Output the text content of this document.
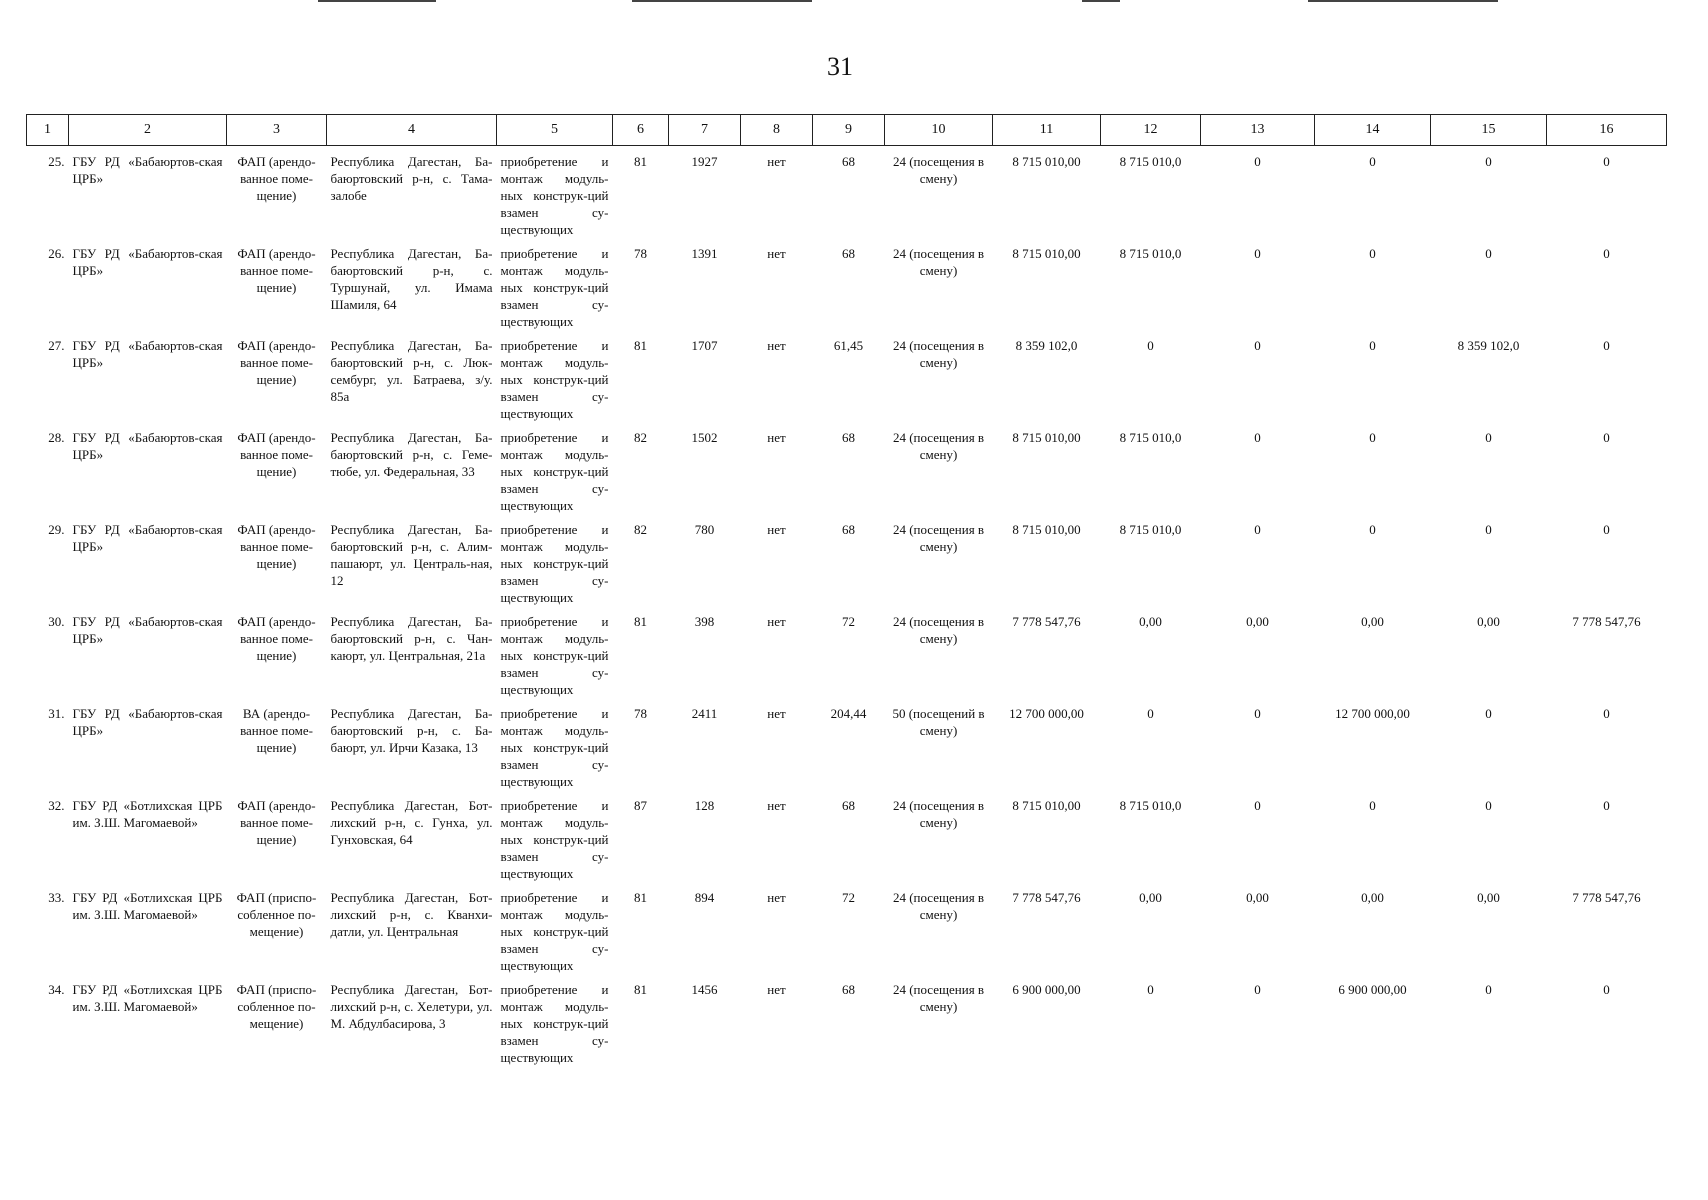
31
1	2	3	4	5	6	7	8	9	10	11	12	13	14	15	16
25.	ГБУ РД «Бабаюртов-ская ЦРБ»	ФАП (арендо-ванное поме-щение)	Республика Дагестан, Ба-баюртовский р-н, с. Тама-залобе	приобретение и монтаж модуль-ных конструк-ций взамен су-ществующих	81	1927	нет	68	24 (посещения в смену)	8 715 010,00	8 715 010,0	0	0	0	0
26.	ГБУ РД «Бабаюртов-ская ЦРБ»	ФАП (арендо-ванное поме-щение)	Республика Дагестан, Ба-баюртовский р-н, с. Туршунай, ул. Имама Шамиля, 64	приобретение и монтаж модуль-ных конструк-ций взамен су-ществующих	78	1391	нет	68	24 (посещения в смену)	8 715 010,00	8 715 010,0	0	0	0	0
27.	ГБУ РД «Бабаюртов-ская ЦРБ»	ФАП (арендо-ванное поме-щение)	Республика Дагестан, Ба-баюртовский р-н, с. Люк-сембург, ул. Батраева, з/у. 85а	приобретение и монтаж модуль-ных конструк-ций взамен су-ществующих	81	1707	нет	61,45	24 (посещения в смену)	8 359 102,0	0	0	0	8 359 102,0	0
28.	ГБУ РД «Бабаюртов-ская ЦРБ»	ФАП (арендо-ванное поме-щение)	Республика Дагестан, Ба-баюртовский р-н, с. Геме-тюбе, ул. Федеральная, 33	приобретение и монтаж модуль-ных конструк-ций взамен су-ществующих	82	1502	нет	68	24 (посещения в смену)	8 715 010,00	8 715 010,0	0	0	0	0
29.	ГБУ РД «Бабаюртов-ская ЦРБ»	ФАП (арендо-ванное поме-щение)	Республика Дагестан, Ба-баюртовский р-н, с. Алим-пашаюрт, ул. Централь-ная, 12	приобретение и монтаж модуль-ных конструк-ций взамен су-ществующих	82	780	нет	68	24 (посещения в смену)	8 715 010,00	8 715 010,0	0	0	0	0
30.	ГБУ РД «Бабаюртов-ская ЦРБ»	ФАП (арендо-ванное поме-щение)	Республика Дагестан, Ба-баюртовский р-н, с. Чан-каюрт, ул. Центральная, 21а	приобретение и монтаж модуль-ных конструк-ций взамен су-ществующих	81	398	нет	72	24 (посещения в смену)	7 778 547,76	0,00	0,00	0,00	0,00	7 778 547,76
31.	ГБУ РД «Бабаюртов-ская ЦРБ»	ВА (арендо-ванное поме-щение)	Республика Дагестан, Ба-баюртовский р-н, с. Ба-баюрт, ул. Ирчи Казака, 13	приобретение и монтаж модуль-ных конструк-ций взамен су-ществующих	78	2411	нет	204,44	50 (посещений в смену)	12 700 000,00	0	0	12 700 000,00	0	0
32.	ГБУ РД «Ботлихская ЦРБ им. З.Ш. Магомаевой»	ФАП (арендо-ванное поме-щение)	Республика Дагестан, Бот-лихский р-н, с. Гунха, ул. Гунховская, 64	приобретение и монтаж модуль-ных конструк-ций взамен су-ществующих	87	128	нет	68	24 (посещения в смену)	8 715 010,00	8 715 010,0	0	0	0	0
33.	ГБУ РД «Ботлихская ЦРБ им. З.Ш. Магомаевой»	ФАП (приспо-собленное по-мещение)	Республика Дагестан, Бот-лихский р-н, с. Кванхи-датли, ул. Центральная	приобретение и монтаж модуль-ных конструк-ций взамен су-ществующих	81	894	нет	72	24 (посещения в смену)	7 778 547,76	0,00	0,00	0,00	0,00	7 778 547,76
34.	ГБУ РД «Ботлихская ЦРБ им. З.Ш. Магомаевой»	ФАП (приспо-собленное по-мещение)	Республика Дагестан, Бот-лихский р-н, с. Хелетури, ул. М. Абдулбасирова, 3	приобретение и монтаж модуль-ных конструк-ций взамен су-ществующих	81	1456	нет	68	24 (посещения в смену)	6 900 000,00	0	0	6 900 000,00	0	0
